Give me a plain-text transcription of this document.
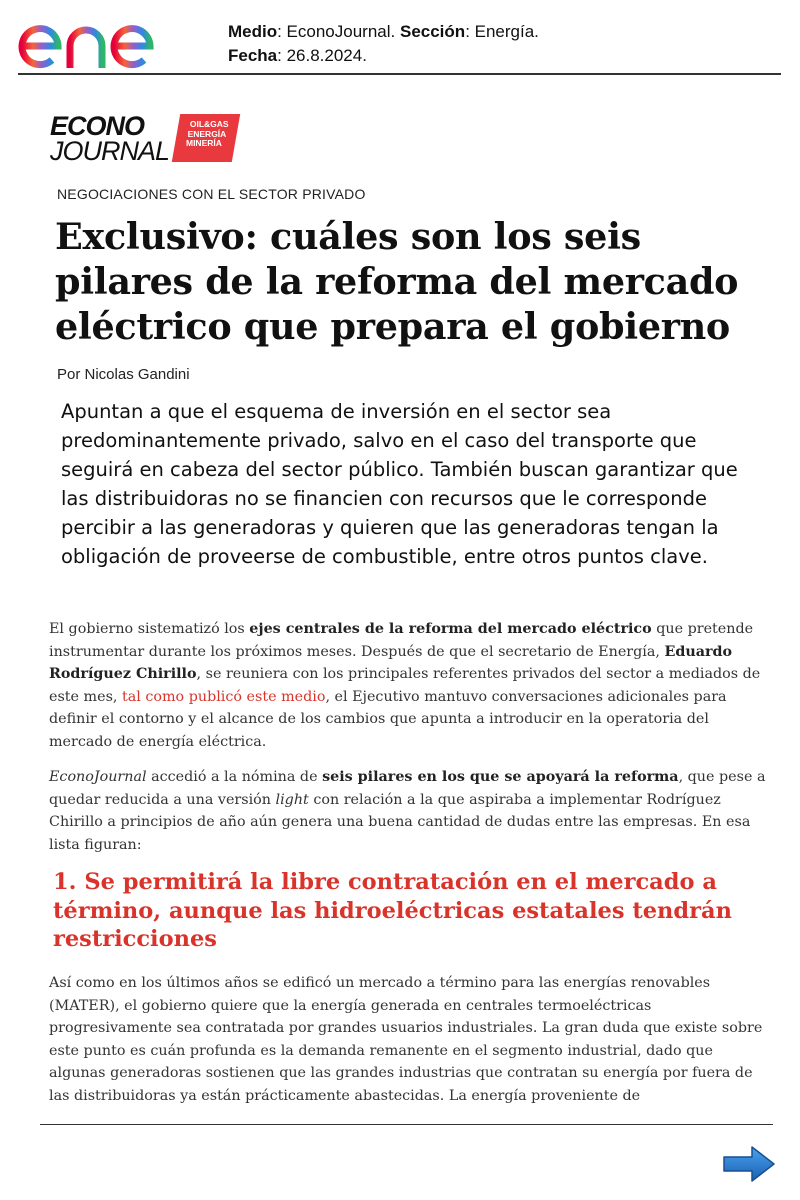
Medio: EconoJournal. Sección: Energía.
Fecha: 26.8.2024.
ECONO
JOURNAL
OIL&GAS
ENERGÍA
MINERÍA
NEGOCIACIONES CON EL SECTOR PRIVADO
Exclusivo: cuáles son los seis pilares de la reforma del mercado eléctrico que prepara el gobierno
Por Nicolas Gandini

Apuntan a que el esquema de inversión en el sector sea predominantemente privado, salvo en el caso del transporte que seguirá en cabeza del sector público. También buscan garantizar que las distribuidoras no se financien con recursos que le corresponde percibir a las generadoras y quieren que las generadoras tengan la obligación de proveerse de combustible, entre otros puntos clave.

El gobierno sistematizó los ejes centrales de la reforma del mercado eléctrico que pretende instrumentar durante los próximos meses. Después de que el secretario de Energía, Eduardo Rodríguez Chirillo, se reuniera con los principales referentes privados del sector a mediados de este mes, tal como publicó este medio, el Ejecutivo mantuvo conversaciones adicionales para definir el contorno y el alcance de los cambios que apunta a introducir en la operatoria del mercado de energía eléctrica.

EconoJournal accedió a la nómina de seis pilares en los que se apoyará la reforma, que pese a quedar reducida a una versión light con relación a la que aspiraba a implementar Rodríguez Chirillo a principios de año aún genera una buena cantidad de dudas entre las empresas. En esa lista figuran:

1. Se permitirá la libre contratación en el mercado a término, aunque las hidroeléctricas estatales tendrán restricciones

Así como en los últimos años se edificó un mercado a término para las energías renovables (MATER), el gobierno quiere que la energía generada en centrales termoeléctricas progresivamente sea contratada por grandes usuarios industriales. La gran duda que existe sobre este punto es cuán profunda es la demanda remanente en el segmento industrial, dado que algunas generadoras sostienen que las grandes industrias que contratan su energía por fuera de las distribuidoras ya están prácticamente abastecidas. La energía proveniente de
